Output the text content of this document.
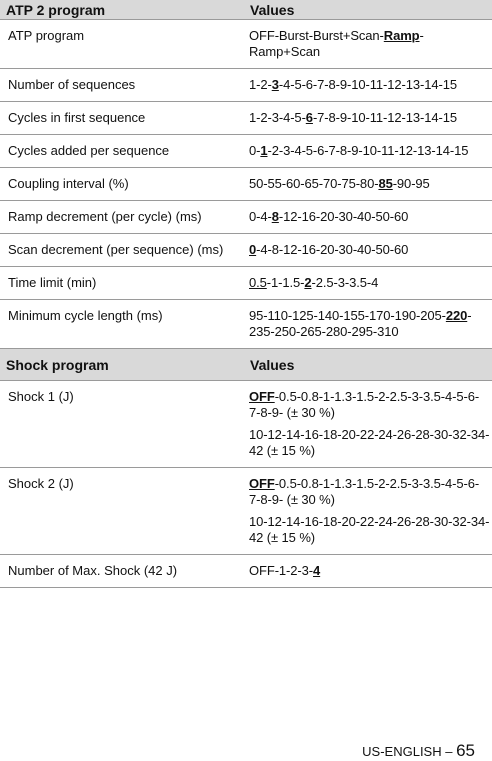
ATP 2 program	Values
ATP program	OFF-Burst-Burst+Scan-Ramp-Ramp+Scan

Number of sequences	1-2-3-4-5-6-7-8-9-10-11-12-13-14-15

Cycles in first sequence	1-2-3-4-5-6-7-8-9-10-11-12-13-14-15

Cycles added per sequence	0-1-2-3-4-5-6-7-8-9-10-11-12-13-14-15

Coupling interval (%)	50-55-60-65-70-75-80-85-90-95

Ramp decrement (per cycle) (ms)	0-4-8-12-16-20-30-40-50-60

Scan decrement (per sequence) (ms)	0-4-8-12-16-20-30-40-50-60

Time limit (min)	0.5-1-1.5-2-2.5-3-3.5-4

Minimum cycle length (ms)	95-110-125-140-155-170-190-205-220-235-250-265-280-295-310

Shock program	Values
Shock 1 (J)	OFF-0.5-0.8-1-1.3-1.5-2-2.5-3-3.5-4-5-6-7-8-9- (± 30 %)
10-12-14-16-18-20-22-24-26-28-30-32-34-42 (± 15 %)

Shock 2 (J)	OFF-0.5-0.8-1-1.3-1.5-2-2.5-3-3.5-4-5-6-7-8-9- (± 30 %)
10-12-14-16-18-20-22-24-26-28-30-32-34-42 (± 15 %)

Number of Max. Shock (42 J)	OFF-1-2-3-4
US-ENGLISH – 65
